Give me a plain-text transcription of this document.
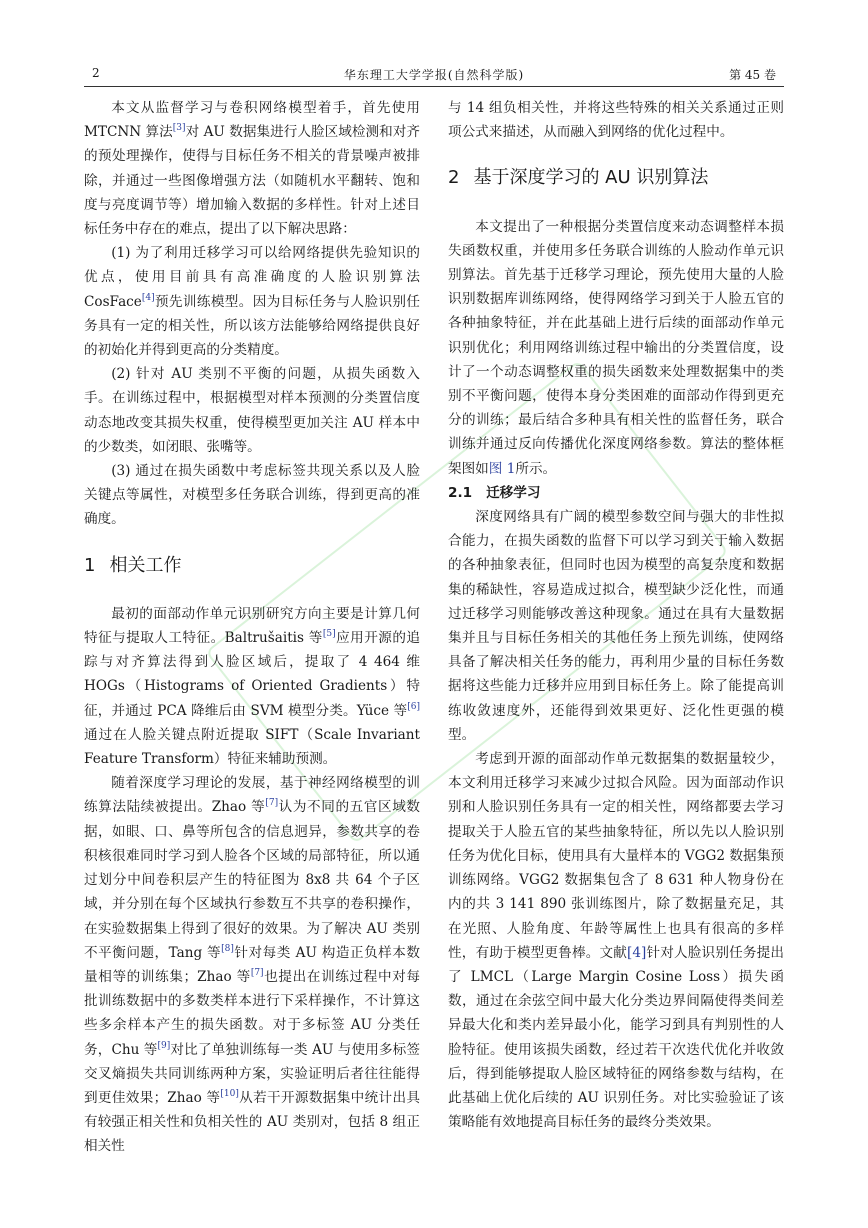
2	华东理工大学学报(自然科学版)	第 45 卷

本文从监督学习与卷积网络模型着手，首先使用 MTCNN 算法[3]对 AU 数据集进行人脸区域检测和对齐的预处理操作，使得与目标任务不相关的背景噪声被排除，并通过一些图像增强方法（如随机水平翻转、饱和度与亮度调节等）增加输入数据的多样性。针对上述目标任务中存在的难点，提出了以下解决思路：

(1) 为了利用迁移学习可以给网络提供先验知识的优点，使用目前具有高准确度的人脸识别算法 CosFace[4]预先训练模型。因为目标任务与人脸识别任务具有一定的相关性，所以该方法能够给网络提供良好的初始化并得到更高的分类精度。

(2) 针对 AU 类别不平衡的问题，从损失函数入手。在训练过程中，根据模型对样本预测的分类置信度动态地改变其损失权重，使得模型更加关注 AU 样本中的少数类，如闭眼、张嘴等。

(3) 通过在损失函数中考虑标签共现关系以及人脸关键点等属性，对模型多任务联合训练，得到更高的准确度。

1 相关工作

最初的面部动作单元识别研究方向主要是计算几何特征与提取人工特征。Baltrušaitis 等[5]应用开源的追踪与对齐算法得到人脸区域后，提取了 4 464 维 HOGs（Histograms of Oriented Gradients）特征，并通过 PCA 降维后由 SVM 模型分类。Yüce 等[6]通过在人脸关键点附近提取 SIFT（Scale Invariant Feature Transform）特征来辅助预测。

随着深度学习理论的发展，基于神经网络模型的训练算法陆续被提出。Zhao 等[7]认为不同的五官区域数据，如眼、口、鼻等所包含的信息迥异，参数共享的卷积核很难同时学习到人脸各个区域的局部特征，所以通过划分中间卷积层产生的特征图为 8x8 共 64 个子区域，并分别在每个区域执行参数互不共享的卷积操作，在实验数据集上得到了很好的效果。为了解决 AU 类别不平衡问题，Tang 等[8]针对每类 AU 构造正负样本数量相等的训练集；Zhao 等[7]也提出在训练过程中对每批训练数据中的多数类样本进行下采样操作，不计算这些多余样本产生的损失函数。对于多标签 AU 分类任务，Chu 等[9]对比了单独训练每一类 AU 与使用多标签交叉熵损失共同训练两种方案，实验证明后者往往能得到更佳效果；Zhao 等[10]从若干开源数据集中统计出具有较强正相关性和负相关性的 AU 类别对，包括 8 组正相关性

与 14 组负相关性，并将这些特殊的相关关系通过正则项公式来描述，从而融入到网络的优化过程中。

2 基于深度学习的 AU 识别算法

本文提出了一种根据分类置信度来动态调整样本损失函数权重，并使用多任务联合训练的人脸动作单元识别算法。首先基于迁移学习理论，预先使用大量的人脸识别数据库训练网络，使得网络学习到关于人脸五官的各种抽象特征，并在此基础上进行后续的面部动作单元识别优化；利用网络训练过程中输出的分类置信度，设计了一个动态调整权重的损失函数来处理数据集中的类别不平衡问题，使得本身分类困难的面部动作得到更充分的训练；最后结合多种具有相关性的监督任务，联合训练并通过反向传播优化深度网络参数。算法的整体框架图如图 1所示。

2.1 迁移学习

深度网络具有广阔的模型参数空间与强大的非性拟合能力，在损失函数的监督下可以学习到关于输入数据的各种抽象表征，但同时也因为模型的高复杂度和数据集的稀缺性，容易造成过拟合，模型缺少泛化性，而通过迁移学习则能够改善这种现象。通过在具有大量数据集并且与目标任务相关的其他任务上预先训练，使网络具备了解决相关任务的能力，再利用少量的目标任务数据将这些能力迁移并应用到目标任务上。除了能提高训练收敛速度外，还能得到效果更好、泛化性更强的模型。

考虑到开源的面部动作单元数据集的数据量较少，本文利用迁移学习来减少过拟合风险。因为面部动作识别和人脸识别任务具有一定的相关性，网络都要去学习提取关于人脸五官的某些抽象特征，所以先以人脸识别任务为优化目标，使用具有大量样本的 VGG2 数据集预训练网络。VGG2 数据集包含了 8 631 种人物身份在内的共 3 141 890 张训练图片，除了数据量充足，其在光照、人脸角度、年龄等属性上也具有很高的多样性，有助于模型更鲁棒。文献[4]针对人脸识别任务提出了 LMCL（Large Margin Cosine Loss）损失函数，通过在余弦空间中最大化分类边界间隔使得类间差异最大化和类内差异最小化，能学习到具有判别性的人脸特征。使用该损失函数，经过若干次迭代优化并收敛后，得到能够提取人脸区域特征的网络参数与结构，在此基础上优化后续的 AU 识别任务。对比实验验证了该策略能有效地提高目标任务的最终分类效果。
